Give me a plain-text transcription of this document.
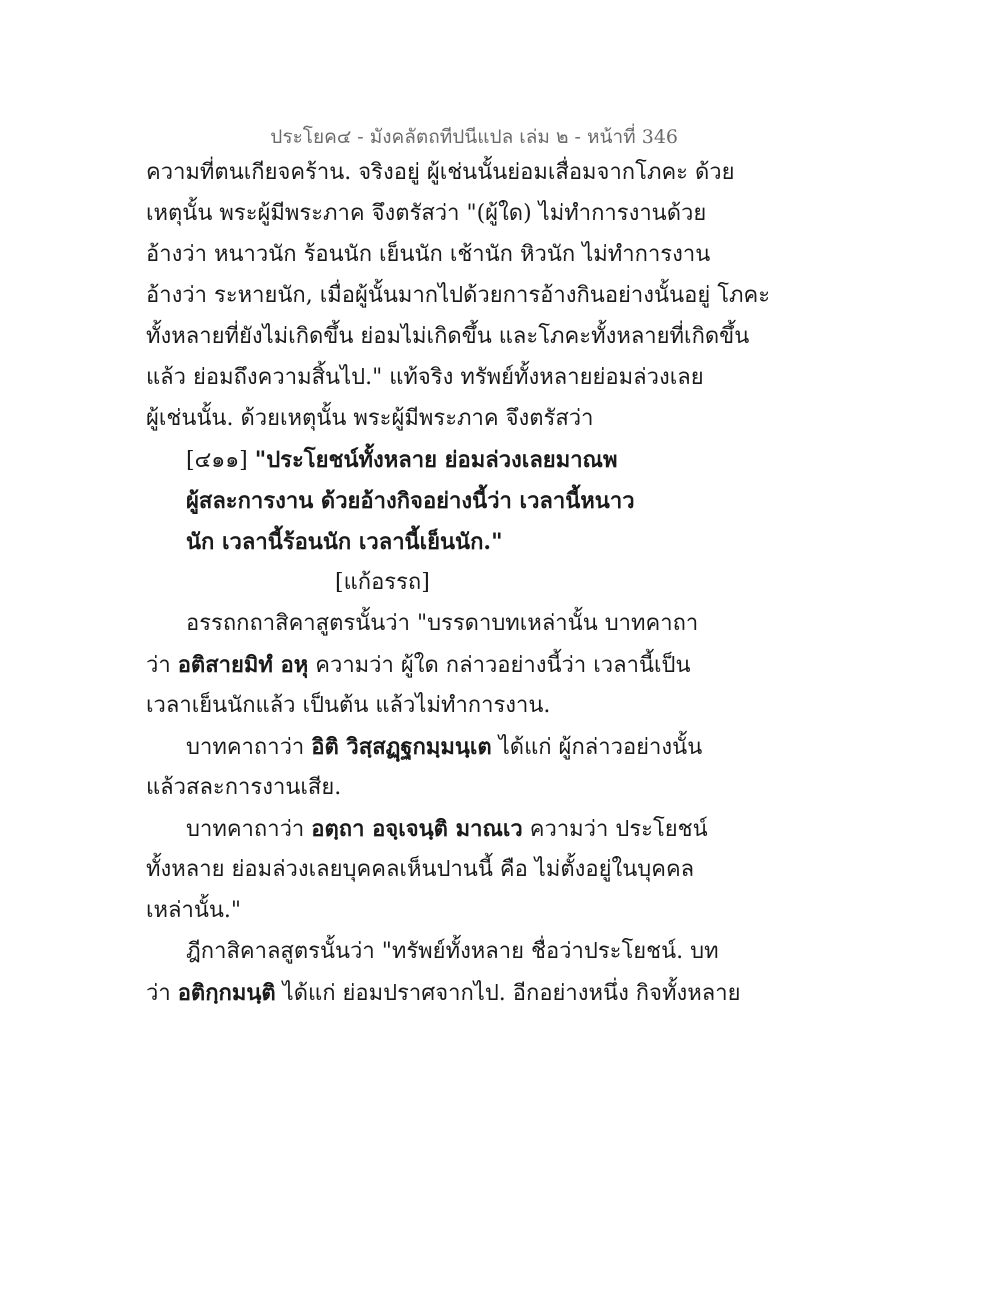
ประโยค๔ - มังคลัตถทีปนีแปล เล่ม ๒ - หน้าที่ 346
ความที่ตนเกียจคร้าน. จริงอยู่ ผู้เช่นนั้นย่อมเสื่อมจากโภคะ ด้วย
เหตุนั้น พระผู้มีพระภาค จึงตรัสว่า "(ผู้ใด) ไม่ทำการงานด้วย
อ้างว่า หนาวนัก ร้อนนัก เย็นนัก เช้านัก หิวนัก ไม่ทำการงาน
อ้างว่า ระหายนัก, เมื่อผู้นั้นมากไปด้วยการอ้างกินอย่างนั้นอยู่ โภคะ
ทั้งหลายที่ยังไม่เกิดขึ้น ย่อมไม่เกิดขึ้น และโภคะทั้งหลายที่เกิดขึ้น
แล้ว ย่อมถึงความสิ้นไป." แท้จริง ทรัพย์ทั้งหลายย่อมล่วงเลย
ผู้เช่นนั้น. ด้วยเหตุนั้น พระผู้มีพระภาค จึงตรัสว่า
[๔๑๑] "ประโยชน์ทั้งหลาย ย่อมล่วงเลยมาณพ
ผู้สละการงาน ด้วยอ้างกิจอย่างนี้ว่า เวลานี้หนาว
นัก เวลานี้ร้อนนัก เวลานี้เย็นนัก."
[แก้อรรถ]
อรรถกถาสิคาสูตรนั้นว่า "บรรดาบทเหล่านั้น บาทคาถา
ว่า อติสายมิทํ อหุ ความว่า ผู้ใด กล่าวอย่างนี้ว่า เวลานี้เป็น
เวลาเย็นนักแล้ว เป็นต้น แล้วไม่ทำการงาน.
บาทคาถาว่า อิติ วิสฺสฏฺฐกมฺมนฺเต ได้แก่ ผู้กล่าวอย่างนั้น
แล้วสละการงานเสีย.
บาทคาถาว่า อตฺถา อจฺเจนฺติ มาณเว ความว่า ประโยชน์
ทั้งหลาย ย่อมล่วงเลยบุคคลเห็นปานนี้ คือ ไม่ตั้งอยู่ในบุคคล
เหล่านั้น."
ฎีกาสิคาลสูตรนั้นว่า "ทรัพย์ทั้งหลาย ชื่อว่าประโยชน์. บท
ว่า อติกฺกมนฺติ ได้แก่ ย่อมปราศจากไป. อีกอย่างหนึ่ง กิจทั้งหลาย
